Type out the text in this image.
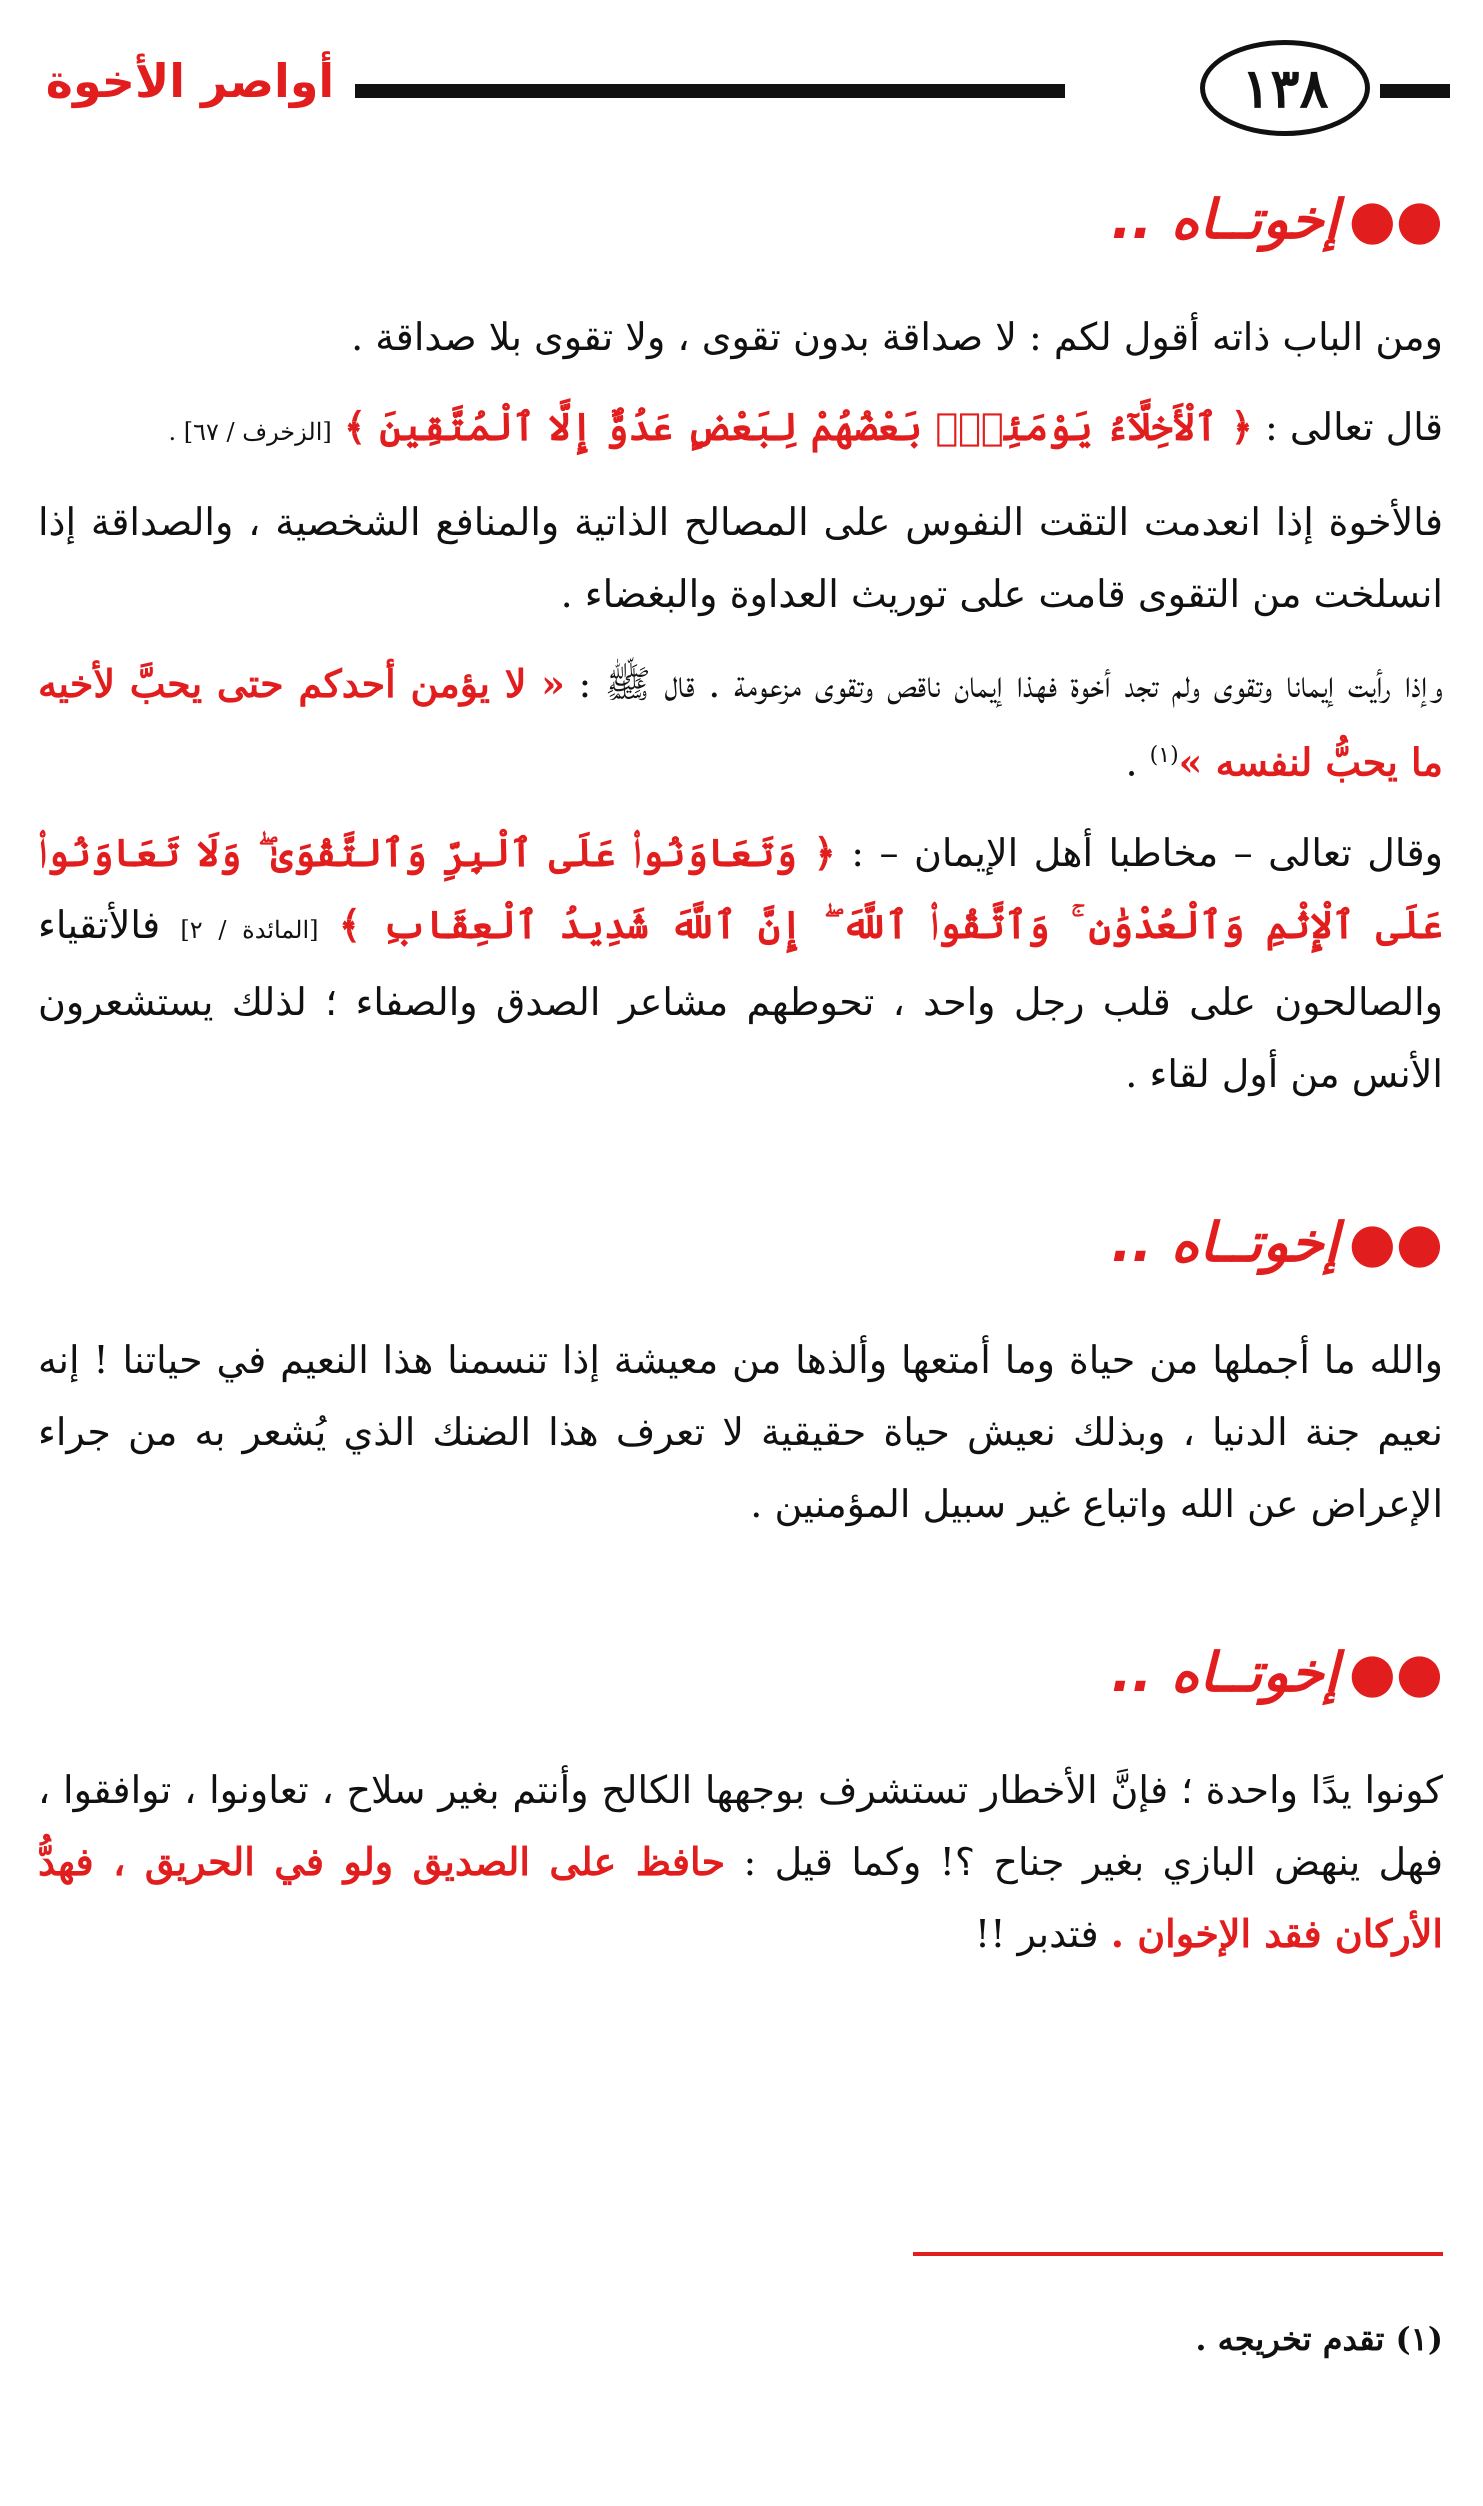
١٣٨
أواصر الأخوة
●●إخوتــاه ..

ومن الباب ذاته أقول لكم : لا صداقة بدون تقوى ، ولا تقوى بلا صداقة .

قال تعالى : ﴿ ٱلْأَخِلَّآءُ يَوْمَئِذٍۭ بَعْضُهُمْ لِبَعْضٍ عَدُوٌّ إِلَّا ٱلْمُتَّقِينَ ﴾ [الزخرف / ٦٧] .

فالأخوة إذا انعدمت التقت النفوس على المصالح الذاتية والمنافع الشخصية ، والصداقة إذا انسلخت من التقوى قامت على توريث العداوة والبغضاء .

وإذا رأيت إيمانا وتقوى ولم تجد أخوة فهذا إيمان ناقص وتقوى مزعومة . قال ﷺ : « لا يؤمن أحدكم حتى يحبَّ لأخيه ما يحبُّ لنفسه »$^{(١)}$ .

وقال تعالى – مخاطبا أهل الإيمان – : ﴿ وَتَعَاوَنُوا۟ عَلَى ٱلْبِرِّ وَٱلتَّقْوَىٰ ۖ وَلَا تَعَاوَنُوا۟ عَلَى ٱلْإِثْمِ وَٱلْعُدْوَٰنِ ۚ وَٱتَّقُوا۟ ٱللَّهَ ۖ إِنَّ ٱللَّهَ شَدِيدُ ٱلْعِقَابِ ﴾ [المائدة / ٢] فالأتقياء والصالحون على قلب رجل واحد ، تحوطهم مشاعر الصدق والصفاء ؛ لذلك يستشعرون الأنس من أول لقاء .

●●إخوتــاه ..

والله ما أجملها من حياة وما أمتعها وألذها من معيشة إذا تنسمنا هذا النعيم في حياتنا ! إنه نعيم جنة الدنيا ، وبذلك نعيش حياة حقيقية لا تعرف هذا الضنك الذي يُشعر به من جراء الإعراض عن الله واتباع غير سبيل المؤمنين .

●●إخوتــاه ..

كونوا يدًا واحدة ؛ فإنَّ الأخطار تستشرف بوجهها الكالح وأنتم بغير سلاح ، تعاونوا ، توافقوا ، فهل ينهض البازي بغير جناح ؟! وكما قيل : حافظ على الصديق ولو في الحريق ، فهدُّ الأركان فقد الإخوان . فتدبر !!

(١) تقدم تخريجه .
